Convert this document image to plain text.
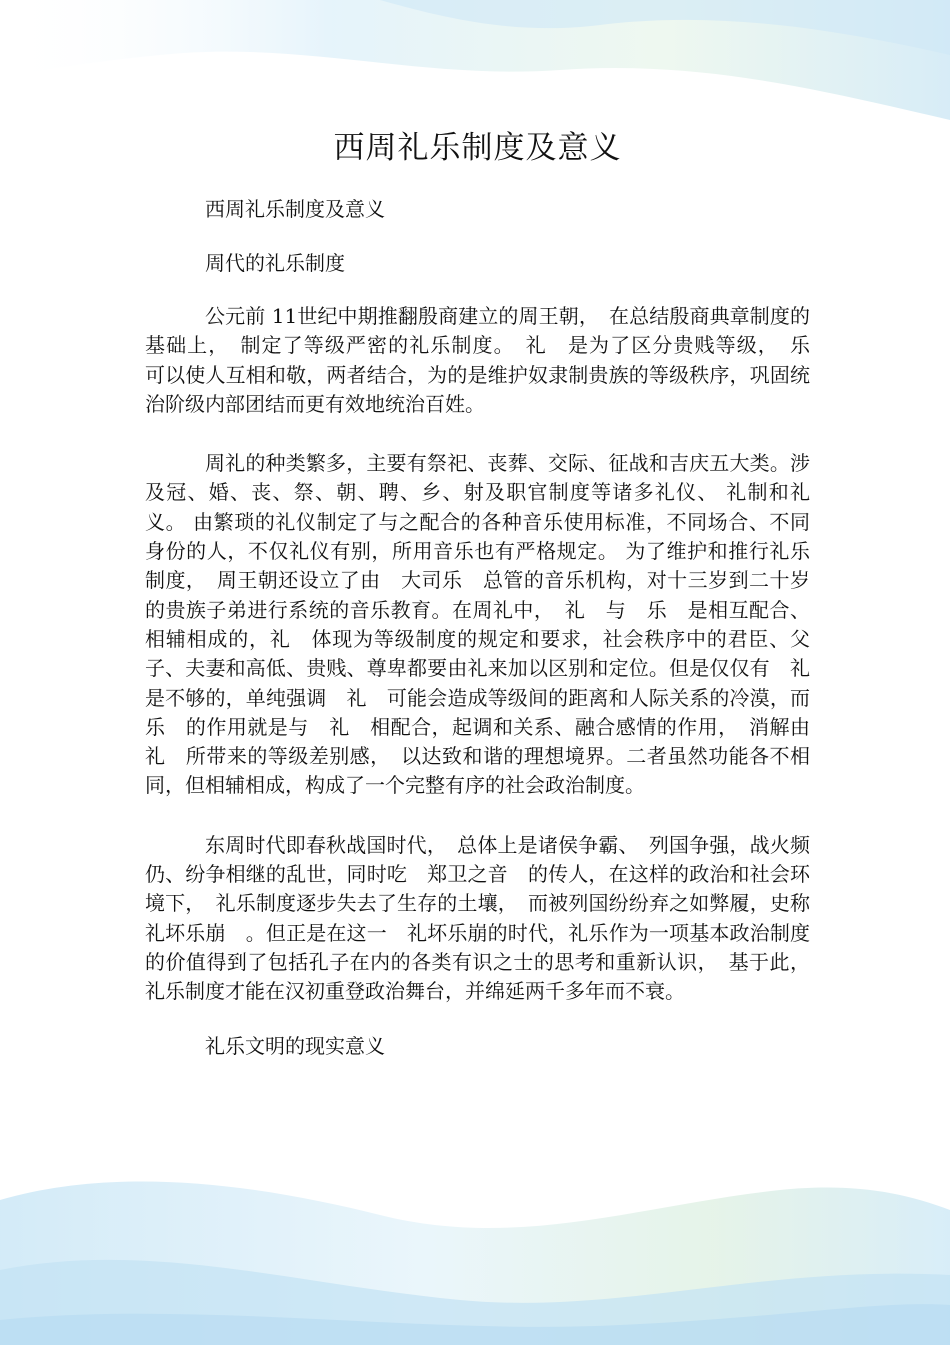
西周礼乐制度及意义

西周礼乐制度及意义

周代的礼乐制度

公元前 11世纪中期推翻殷商建立的周王朝，　在总结殷商典章制度的基础上，　制定了等级严密的礼乐制度。　礼　是为了区分贵贱等级，　乐　可以使人互相和敬，两者结合，为的是维护奴隶制贵族的等级秩序，巩固统治阶级内部团结而更有效地统治百姓。

周礼的种类繁多，主要有祭祀、丧葬、交际、征战和吉庆五大类。涉及冠、婚、丧、祭、朝、聘、乡、射及职官制度等诸多礼仪、 礼制和礼义。 由繁琐的礼仪制定了与之配合的各种音乐使用标准，不同场合、不同身份的人，不仅礼仪有别，所用音乐也有严格规定。 为了维护和推行礼乐制度，　周王朝还设立了由　大司乐　总管的音乐机构，对十三岁到二十岁的贵族子弟进行系统的音乐教育。在周礼中，　礼　与　乐　是相互配合、相辅相成的，礼　体现为等级制度的规定和要求，社会秩序中的君臣、父子、夫妻和高低、贵贱、尊卑都要由礼来加以区别和定位。但是仅仅有　礼　是不够的，单纯强调　礼　可能会造成等级间的距离和人际关系的冷漠，而　乐　的作用就是与　礼　相配合，起调和关系、融合感情的作用，　消解由　礼　所带来的等级差别感，　以达致和谐的理想境界。二者虽然功能各不相同，但相辅相成，构成了一个完整有序的社会政治制度。

东周时代即春秋战国时代，　总体上是诸侯争霸、　列国争强，战火频仍、纷争相继的乱世，同时吃　郑卫之音　的传人，在这样的政治和社会环境下，　礼乐制度逐步失去了生存的土壤，　而被列国纷纷弃之如弊履，史称　礼坏乐崩　。但正是在这一　礼坏乐崩的时代，礼乐作为一项基本政治制度的价值得到了包括孔子在内的各类有识之士的思考和重新认识，　基于此，礼乐制度才能在汉初重登政治舞台，并绵延两千多年而不衰。

礼乐文明的现实意义
